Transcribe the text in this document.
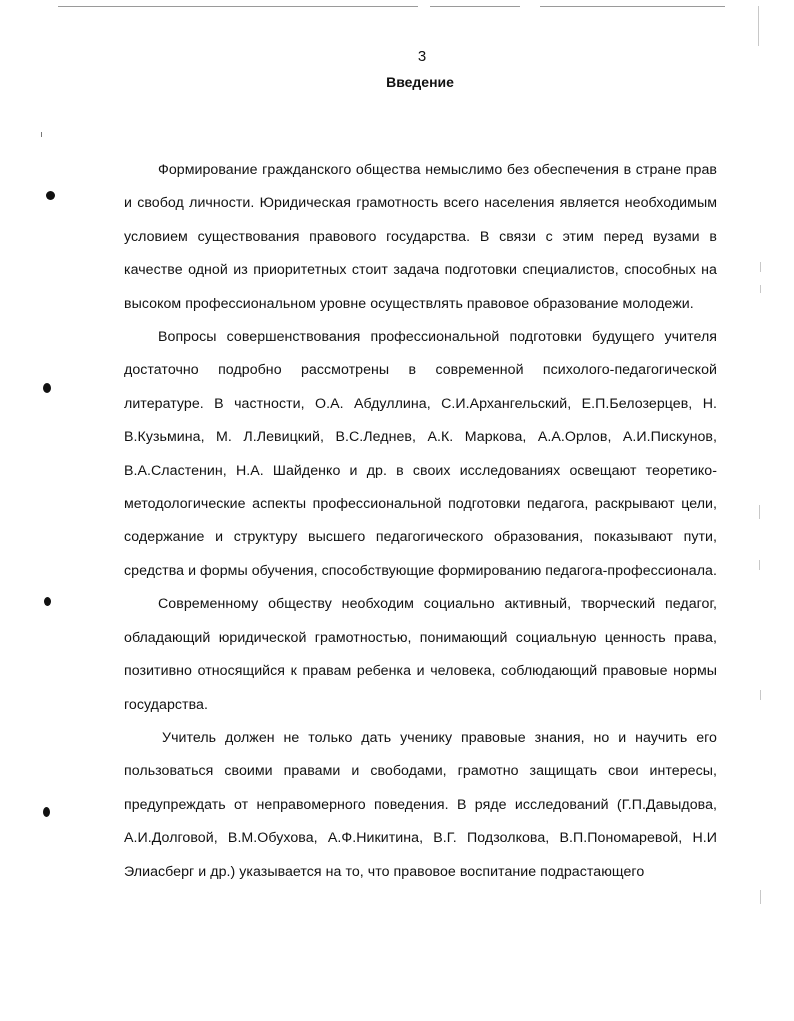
3
Введение

Формирование гражданского общества немыслимо без обеспечения в стране прав и свобод личности. Юридическая грамотность всего населения является необходимым условием существования правового государства. В связи с этим перед вузами в качестве одной из приоритетных стоит задача подготовки специалистов, способных на высоком профессиональном уровне осуществлять правовое образование молодежи.

Вопросы совершенствования профессиональной подготовки будущего учителя достаточно подробно рассмотрены в современной психолого-педагогической литературе. В частности, О.А. Абдуллина, С.И.Архангельский, Е.П.Белозерцев, Н. В.Кузьмина, М. Л.Левицкий, В.С.Леднев, А.К. Маркова, А.А.Орлов, А.И.Пискунов, В.А.Сластенин, Н.А. Шайденко и др. в своих исследованиях освещают теоретико-методологические аспекты профессиональной подготовки педагога, раскрывают цели, содержание и структуру высшего педагогического образования, показывают пути, средства и формы обучения, способствующие формированию педагога-профессионала.

Современному обществу необходим социально активный, творческий педагог, обладающий юридической грамотностью, понимающий социальную ценность права, позитивно относящийся к правам ребенка и человека, соблюдающий правовые нормы государства.

Учитель должен не только дать ученику правовые знания, но и научить его пользоваться своими правами и свободами, грамотно защищать свои интересы, предупреждать от неправомерного поведения. В ряде исследований (Г.П.Давыдова, А.И.Долговой, В.М.Обухова, А.Ф.Никитина, В.Г. Подзолкова, В.П.Пономаревой, Н.И Элиасберг и др.) указывается на то, что правовое воспитание подрастающего
